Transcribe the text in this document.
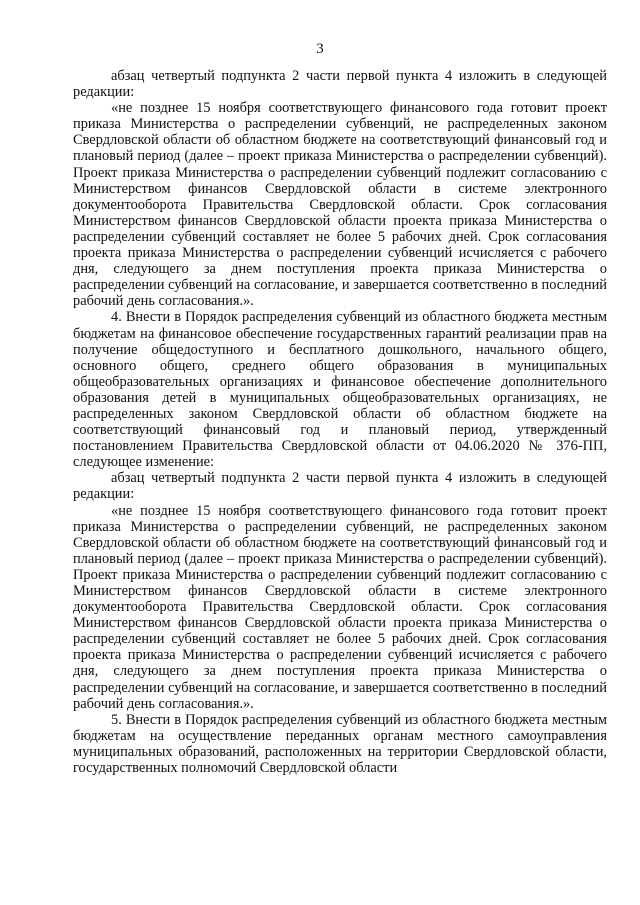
3

абзац четвертый подпункта 2 части первой пункта 4 изложить в следующей редакции:

«не позднее 15 ноября соответствующего финансового года готовит проект приказа Министерства о распределении субвенций, не распределенных законом Свердловской области об областном бюджете на соответствующий финансовый год и плановый период (далее – проект приказа Министерства о распределении субвенций). Проект приказа Министерства о распределении субвенций подлежит согласованию с Министерством финансов Свердловской области в системе электронного документооборота Правительства Свердловской области. Срок согласования Министерством финансов Свердловской области проекта приказа Министерства о распределении субвенций составляет не более 5 рабочих дней. Срок согласования проекта приказа Министерства о распределении субвенций исчисляется с рабочего дня, следующего за днем поступления проекта приказа Министерства о распределении субвенций на согласование, и завершается соответственно в последний рабочий день согласования.».

4. Внести в Порядок распределения субвенций из областного бюджета местным бюджетам на финансовое обеспечение государственных гарантий реализации прав на получение общедоступного и бесплатного дошкольного, начального общего, основного общего, среднего общего образования в муниципальных общеобразовательных организациях и финансовое обеспечение дополнительного образования детей в муниципальных общеобразовательных организациях, не распределенных законом Свердловской области об областном бюджете на соответствующий финансовый год и плановый период, утвержденный постановлением Правительства Свердловской области от 04.06.2020 № 376-ПП, следующее изменение:

абзац четвертый подпункта 2 части первой пункта 4 изложить в следующей редакции:

«не позднее 15 ноября соответствующего финансового года готовит проект приказа Министерства о распределении субвенций, не распределенных законом Свердловской области об областном бюджете на соответствующий финансовый год и плановый период (далее – проект приказа Министерства о распределении субвенций). Проект приказа Министерства о распределении субвенций подлежит согласованию с Министерством финансов Свердловской области в системе электронного документооборота Правительства Свердловской области. Срок согласования Министерством финансов Свердловской области проекта приказа Министерства о распределении субвенций составляет не более 5 рабочих дней. Срок согласования проекта приказа Министерства о распределении субвенций исчисляется с рабочего дня, следующего за днем поступления проекта приказа Министерства о распределении субвенций на согласование, и завершается соответственно в последний рабочий день согласования.».

5. Внести в Порядок распределения субвенций из областного бюджета местным бюджетам на осуществление переданных органам местного самоуправления муниципальных образований, расположенных на территории Свердловской области, государственных полномочий Свердловской области
